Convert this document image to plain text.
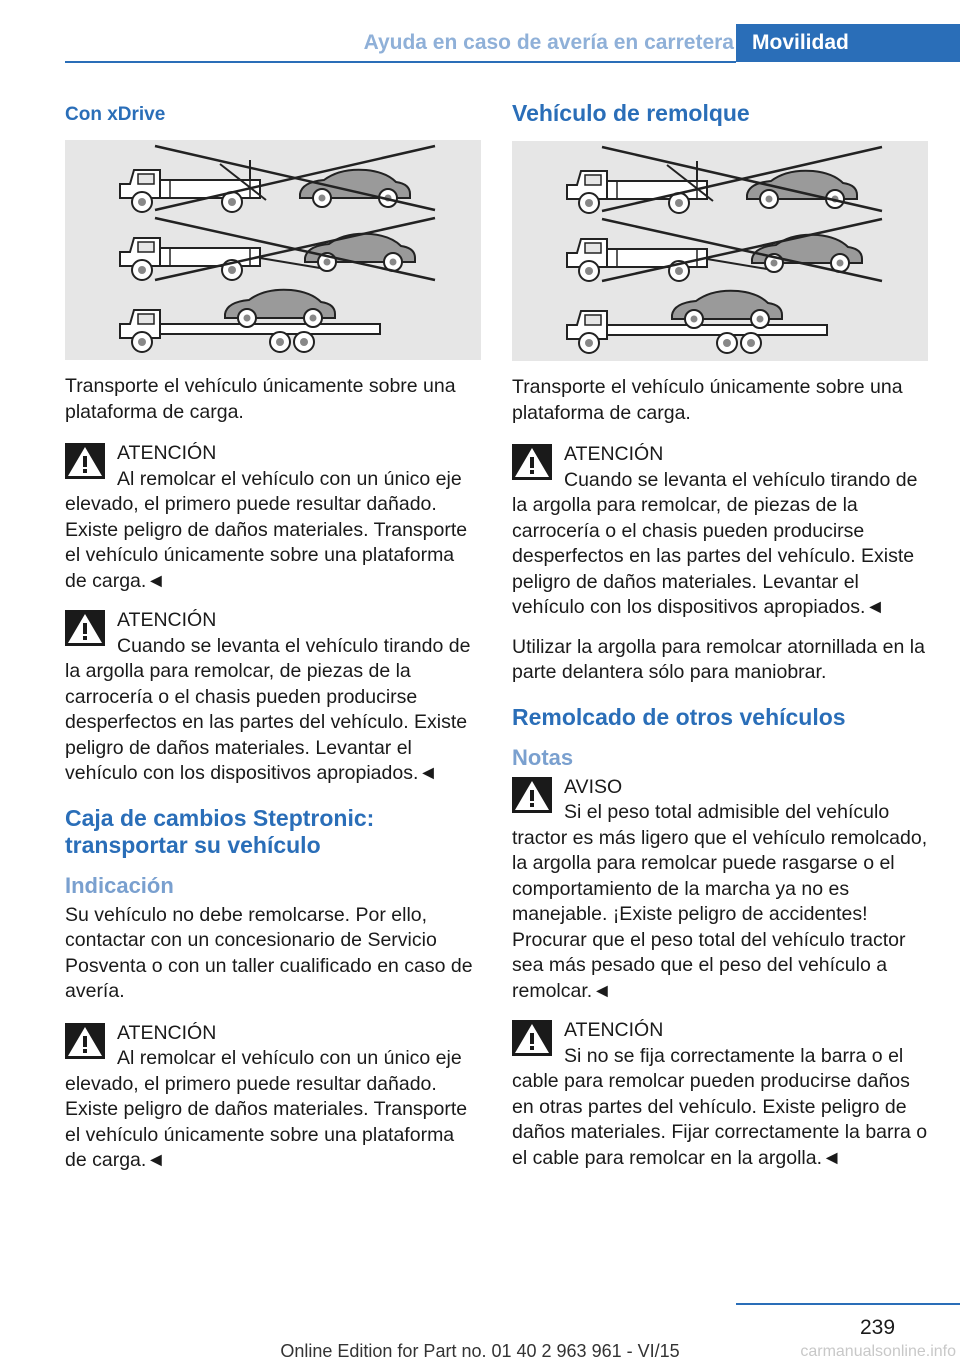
Ayuda en caso de avería en carretera Movilidad
Con xDrive

Transporte el vehículo únicamente sobre una plataforma de carga.

ATENCIÓN
Al remolcar el vehículo con un único eje elevado, el primero puede resultar dañado. Existe peligro de daños materiales. Transporte el vehículo únicamente sobre una plataforma de carga.◄
ATENCIÓN
Cuando se levanta el vehículo tirando de la argolla para remolcar, de piezas de la carrocería o el chasis pueden producirse desperfectos en las partes del vehículo. Existe peligro de daños materiales. Levantar el vehículo con los dispositivos apropiados.◄
Caja de cambios Steptronic: transportar su vehículo
Indicación

Su vehículo no debe remolcarse. Por ello, contactar con un concesionario de Servicio Posventa o con un taller cualificado en caso de avería.

ATENCIÓN
Al remolcar el vehículo con un único eje elevado, el primero puede resultar dañado. Existe peligro de daños materiales. Transporte el vehículo únicamente sobre una plataforma de carga.◄
Vehículo de remolque

Transporte el vehículo únicamente sobre una plataforma de carga.

ATENCIÓN
Cuando se levanta el vehículo tirando de la argolla para remolcar, de piezas de la carrocería o el chasis pueden producirse desperfectos en las partes del vehículo. Existe peligro de daños materiales. Levantar el vehículo con los dispositivos apropiados.◄

Utilizar la argolla para remolcar atornillada en la parte delantera sólo para maniobrar.

Remolcado de otros vehículos
Notas
AVISO
Si el peso total admisible del vehículo tractor es más ligero que el vehículo remolcado, la argolla para remolcar puede rasgarse o el comportamiento de la marcha ya no es manejable. ¡Existe peligro de accidentes! Procurar que el peso total del vehículo tractor sea más pesado que el peso del vehículo a remolcar.◄
ATENCIÓN
Si no se fija correctamente la barra o el cable para remolcar pueden producirse daños en otras partes del vehículo. Existe peligro de daños materiales. Fijar correctamente la barra o el cable para remolcar en la argolla.◄
239
Online Edition for Part no. 01 40 2 963 961 - VI/15	carmanualsonline.info
